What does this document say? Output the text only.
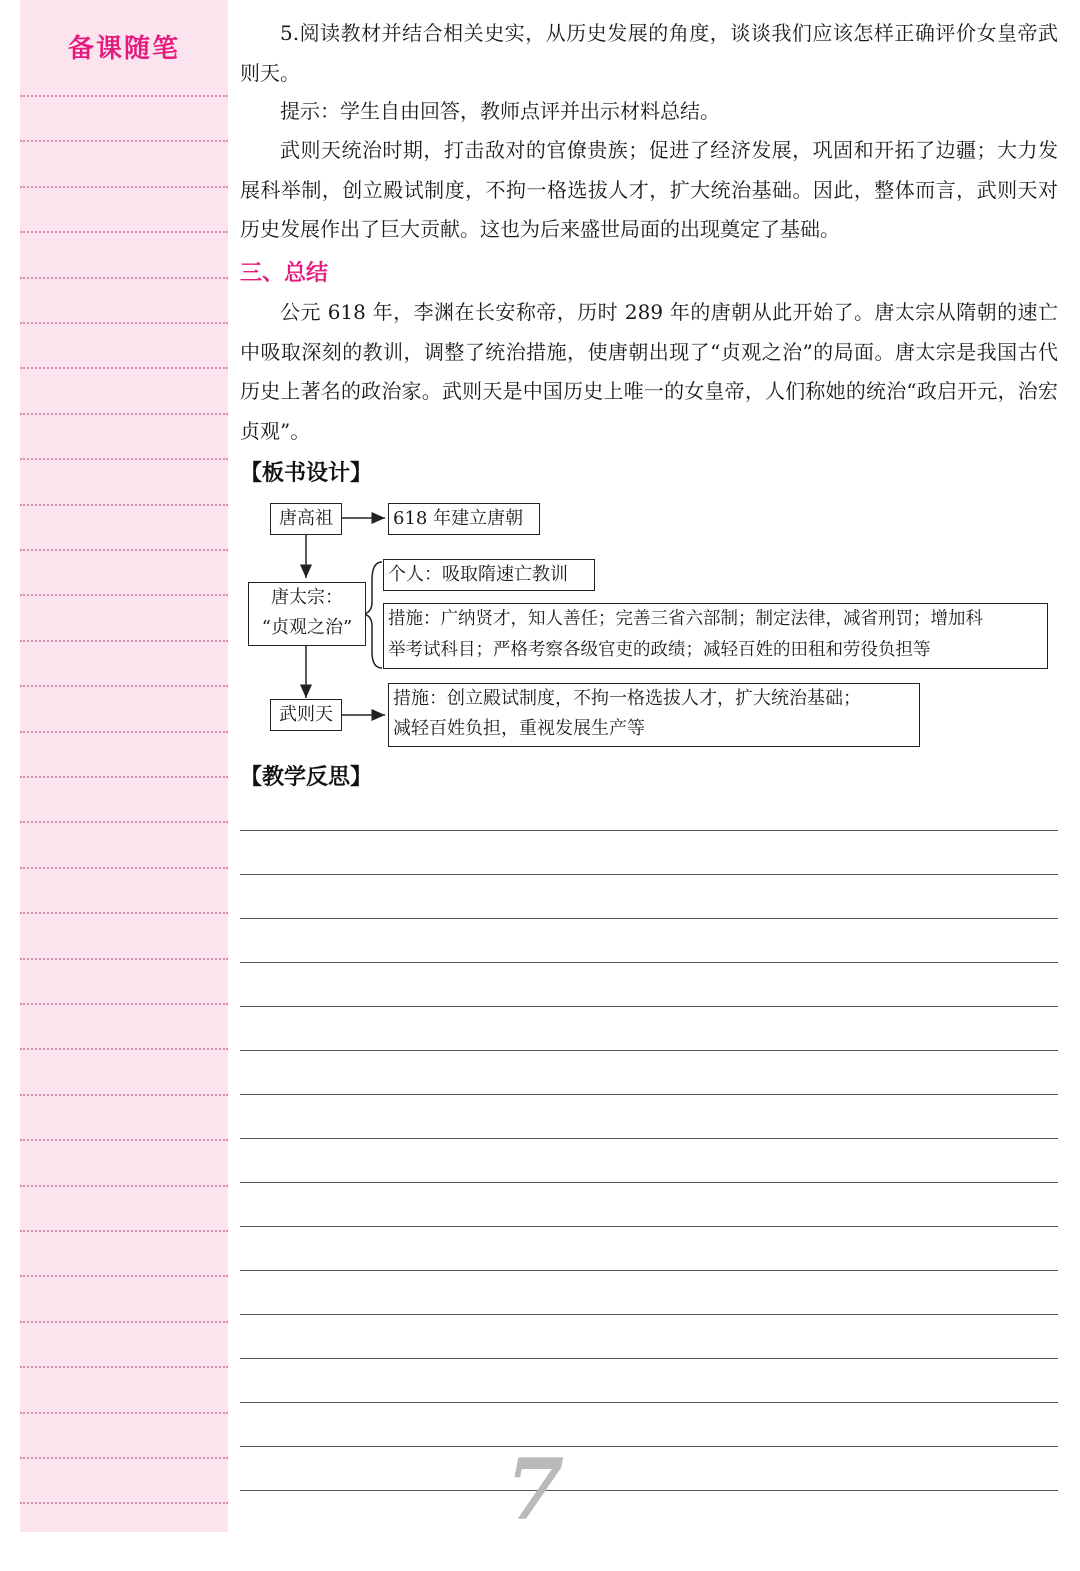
备课随笔

5.阅读教材并结合相关史实，从历史发展的角度，谈谈我们应该怎样正确评价女皇帝武则天。

提示：学生自由回答，教师点评并出示材料总结。

武则天统治时期，打击敌对的官僚贵族；促进了经济发展，巩固和开拓了边疆；大力发展科举制，创立殿试制度，不拘一格选拔人才，扩大统治基础。因此，整体而言，武则天对历史发展作出了巨大贡献。这也为后来盛世局面的出现奠定了基础。

三、总结

公元 618 年，李渊在长安称帝，历时 289 年的唐朝从此开始了。唐太宗从隋朝的速亡中吸取深刻的教训，调整了统治措施，使唐朝出现了“贞观之治”的局面。唐太宗是我国古代历史上著名的政治家。武则天是中国历史上唯一的女皇帝，人们称她的统治“政启开元，治宏贞观”。

【板书设计】
唐高祖	618 年建立唐朝
唐太宗：
“贞观之治”
个人：吸取隋速亡教训
措施：广纳贤才，知人善任；完善三省六部制；制定法律，减省刑罚；增加科
举考试科目；严格考察各级官吏的政绩；减轻百姓的田租和劳役负担等
武则天
措施：创立殿试制度，不拘一格选拔人才，扩大统治基础；
减轻百姓负担，重视发展生产等
【教学反思】
7
